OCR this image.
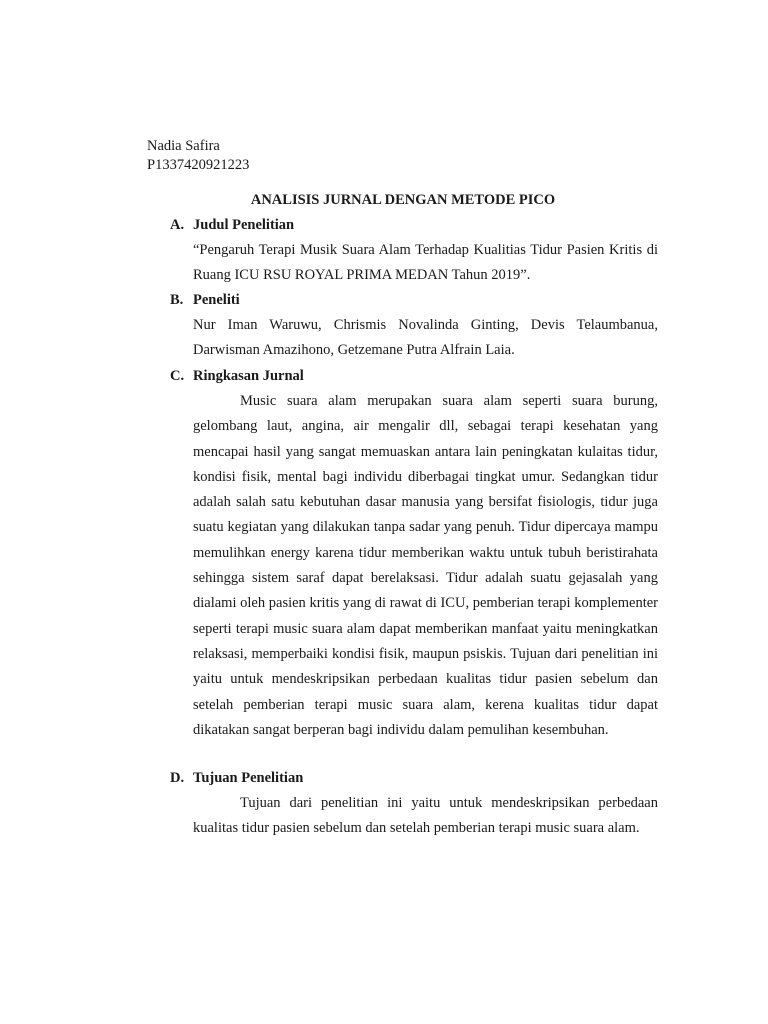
Nadia Safira
P1337420921223
ANALISIS JURNAL DENGAN METODE PICO
A. Judul Penelitian
“Pengaruh Terapi Musik Suara Alam Terhadap Kualitias Tidur Pasien Kritis di Ruang ICU RSU ROYAL PRIMA MEDAN Tahun 2019”.
B. Peneliti
Nur Iman Waruwu, Chrismis Novalinda Ginting, Devis Telaumbanua, Darwisman Amazihono, Getzemane Putra Alfrain Laia.
C. Ringkasan Jurnal
Music suara alam merupakan suara alam seperti suara burung, gelombang laut, angina, air mengalir dll, sebagai terapi kesehatan yang mencapai hasil yang sangat memuaskan antara lain peningkatan kulaitas tidur, kondisi fisik, mental bagi individu diberbagai tingkat umur. Sedangkan tidur adalah salah satu kebutuhan dasar manusia yang bersifat fisiologis, tidur juga suatu kegiatan yang dilakukan tanpa sadar yang penuh. Tidur dipercaya mampu memulihkan energy karena tidur memberikan waktu untuk tubuh beristirahata sehingga sistem saraf dapat berelaksasi. Tidur adalah suatu gejasalah yang dialami oleh pasien kritis yang di rawat di ICU, pemberian terapi komplementer seperti terapi music suara alam dapat memberikan manfaat yaitu meningkatkan relaksasi, memperbaiki kondisi fisik, maupun psiskis. Tujuan dari penelitian ini yaitu untuk mendeskripsikan perbedaan kualitas tidur pasien sebelum dan setelah pemberian terapi music suara alam, kerena kualitas tidur dapat dikatakan sangat berperan bagi individu dalam pemulihan kesembuhan.
D. Tujuan Penelitian
Tujuan dari penelitian ini yaitu untuk mendeskripsikan perbedaan kualitas tidur pasien sebelum dan setelah pemberian terapi music suara alam.
